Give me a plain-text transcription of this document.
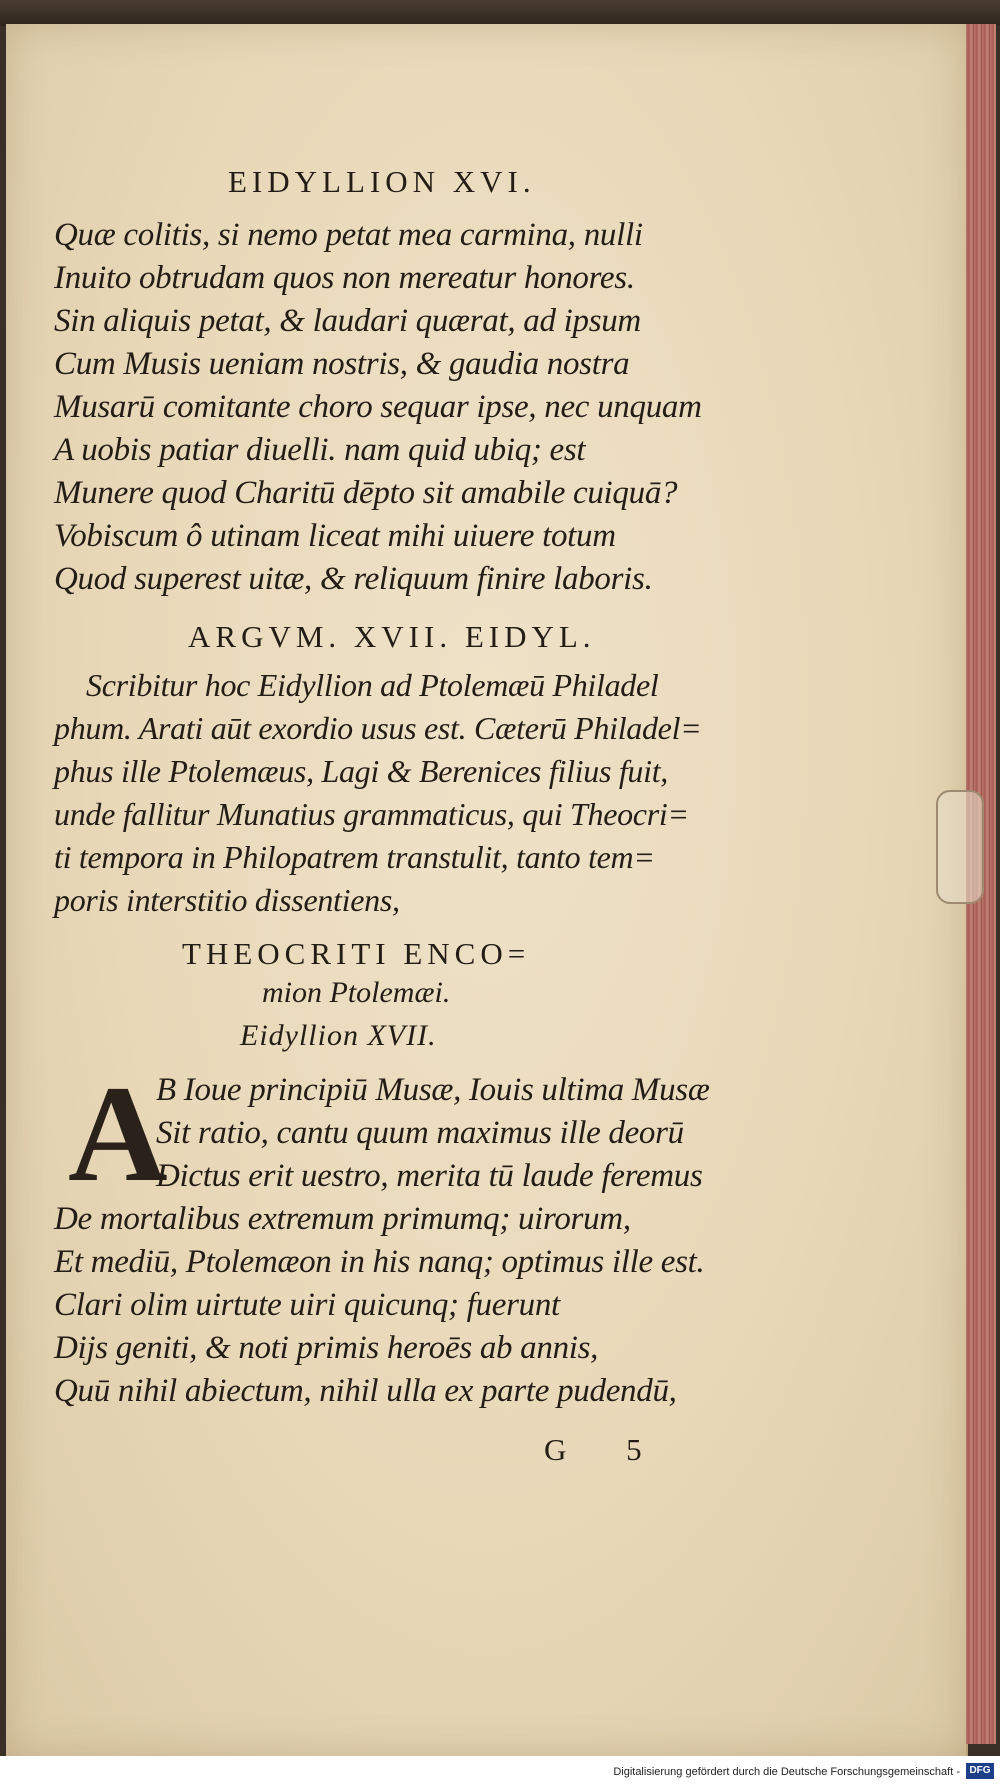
EIDYLLION XVI.
Quæ colitis, si nemo petat mea carmina, nulli
Inuito obtrudam quos non mereatur honores.
Sin aliquis petat, & laudari quærat, ad ipsum
Cum Musis ueniam nostris, & gaudia nostra
Musarū comitante choro sequar ipse, nec unquam
A uobis patiar diuelli. nam quid ubiq; est
Munere quod Charitū dēpto sit amabile cuiquā?
Vobiscum ô utinam liceat mihi uiuere totum
Quod superest uitæ, & reliquum finire laboris.
ARGVM. XVII. EIDYL.
Scribitur hoc Eidyllion ad Ptolemæū Philadel
phum. Arati aūt exordio usus est. Cæterū Philadel=
phus ille Ptolemæus, Lagi & Berenices filius fuit,
unde fallitur Munatius grammaticus, qui Theocri=
ti tempora in Philopatrem transtulit, tanto tem=
poris interstitio dissentiens,
THEOCRITI ENCO=
mion Ptolemæi.
Eidyllion XVII.
A
B Ioue principiū Musæ, Iouis ultima Musæ
Sit ratio, cantu quum maximus ille deorū
Dictus erit uestro, merita tū laude feremus
De mortalibus extremum primumq; uirorum,
Et mediū, Ptolemæon in his nanq; optimus ille est.
Clari olim uirtute uiri quicunq; fuerunt
Dijs geniti, & noti primis heroēs ab annis,
Quū nihil abiectum, nihil ulla ex parte pudendū,
G 5
Digitalisierung gefördert durch die Deutsche Forschungsgemeinschaft - DFG
